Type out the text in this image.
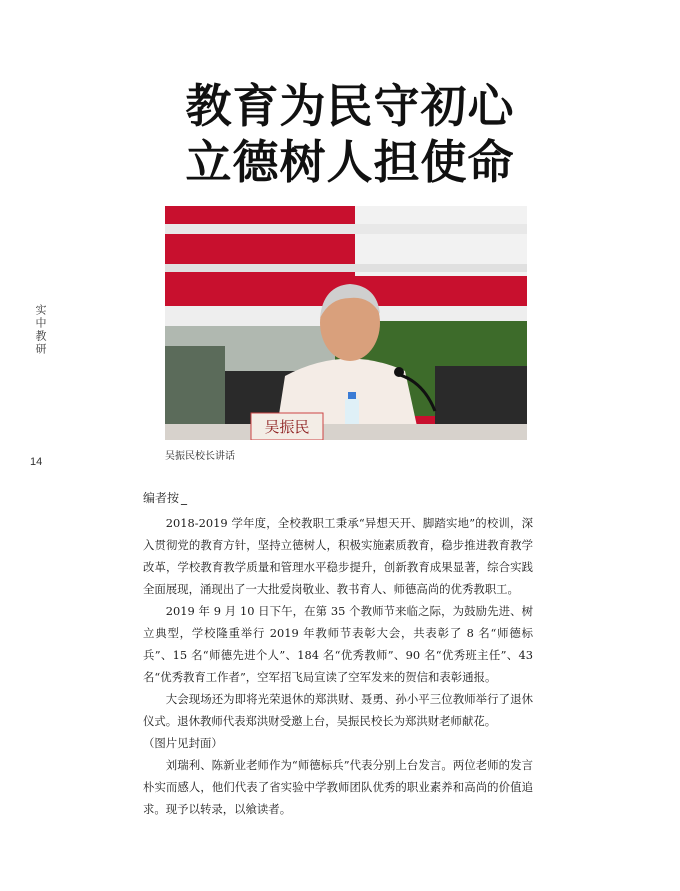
实中教研
14
教育为民守初心
立德树人担使命
吴振民
吴振民校长讲话
编者按 _

2018-2019 学年度，全校教职工秉承“异想天开、脚踏实地”的校训，深入贯彻党的教育方针，坚持立德树人，积极实施素质教育，稳步推进教育教学改革，学校教育教学质量和管理水平稳步提升，创新教育成果显著，综合实践全面展现，涌现出了一大批爱岗敬业、教书育人、师德高尚的优秀教职工。

2019 年 9 月 10 日下午，在第 35 个教师节来临之际，为鼓励先进、树立典型，学校隆重举行 2019 年教师节表彰大会，共表彰了 8 名“师德标兵”、15 名“师德先进个人”、184 名“优秀教师”、90 名“优秀班主任”、43 名“优秀教育工作者”，空军招飞局宣读了空军发来的贺信和表彰通报。

大会现场还为即将光荣退休的郑洪财、聂勇、孙小平三位教师举行了退休仪式。退休教师代表郑洪财受邀上台，吴振民校长为郑洪财老师献花。

（图片见封面）

刘瑞利、陈新业老师作为“师德标兵”代表分别上台发言。两位老师的发言朴实而感人，他们代表了省实验中学教师团队优秀的职业素养和高尚的价值追求。现予以转录，以飨读者。
